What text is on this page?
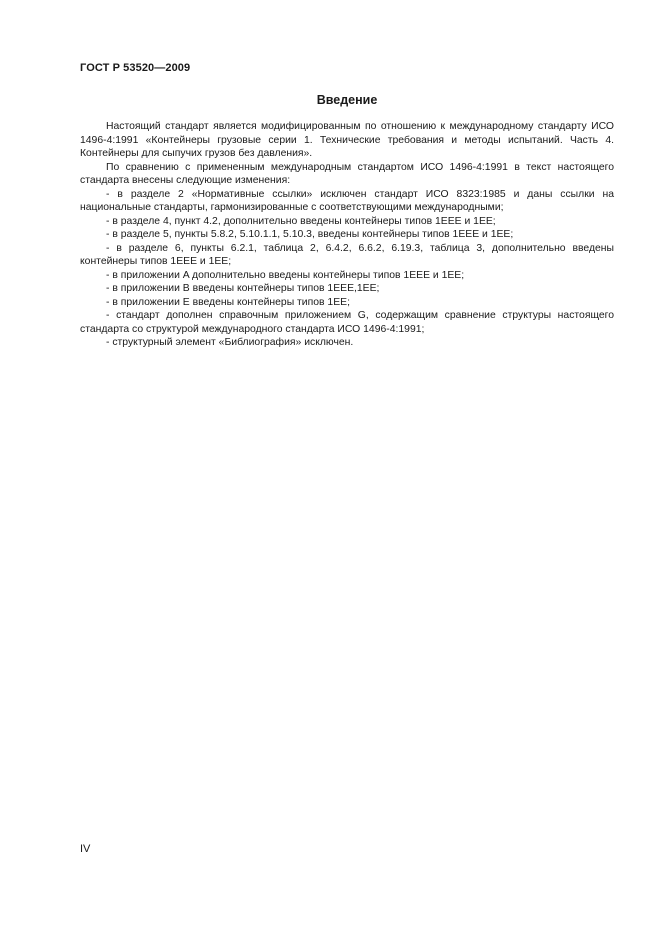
ГОСТ Р 53520—2009
Введение

Настоящий стандарт является модифицированным по отношению к международному стандарту ИСО 1496-4:1991 «Контейнеры грузовые серии 1. Технические требования и методы испытаний. Часть 4. Контейнеры для сыпучих грузов без давления».

По сравнению с примененным международным стандартом ИСО 1496-4:1991 в текст настоящего стандарта внесены следующие изменения:

- в разделе 2 «Нормативные ссылки» исключен стандарт ИСО 8323:1985 и даны ссылки на национальные стандарты, гармонизированные с соответствующими международными;

- в разделе 4, пункт 4.2, дополнительно введены контейнеры типов 1EEE и 1EE;

- в разделе 5, пункты 5.8.2, 5.10.1.1, 5.10.3, введены контейнеры типов 1EEE и 1EE;

- в разделе 6, пункты 6.2.1, таблица 2, 6.4.2, 6.6.2, 6.19.3, таблица 3, дополнительно введены контейнеры типов 1EEE и 1EE;

- в приложении A дополнительно введены контейнеры типов 1EEE и 1EE;

- в приложении B введены контейнеры типов 1EEE,1EE;

- в приложении E введены контейнеры типов 1EE;

- стандарт дополнен справочным приложением G, содержащим сравнение структуры настоящего стандарта со структурой международного стандарта ИСО 1496-4:1991;

- структурный элемент «Библиография» исключен.

IV
